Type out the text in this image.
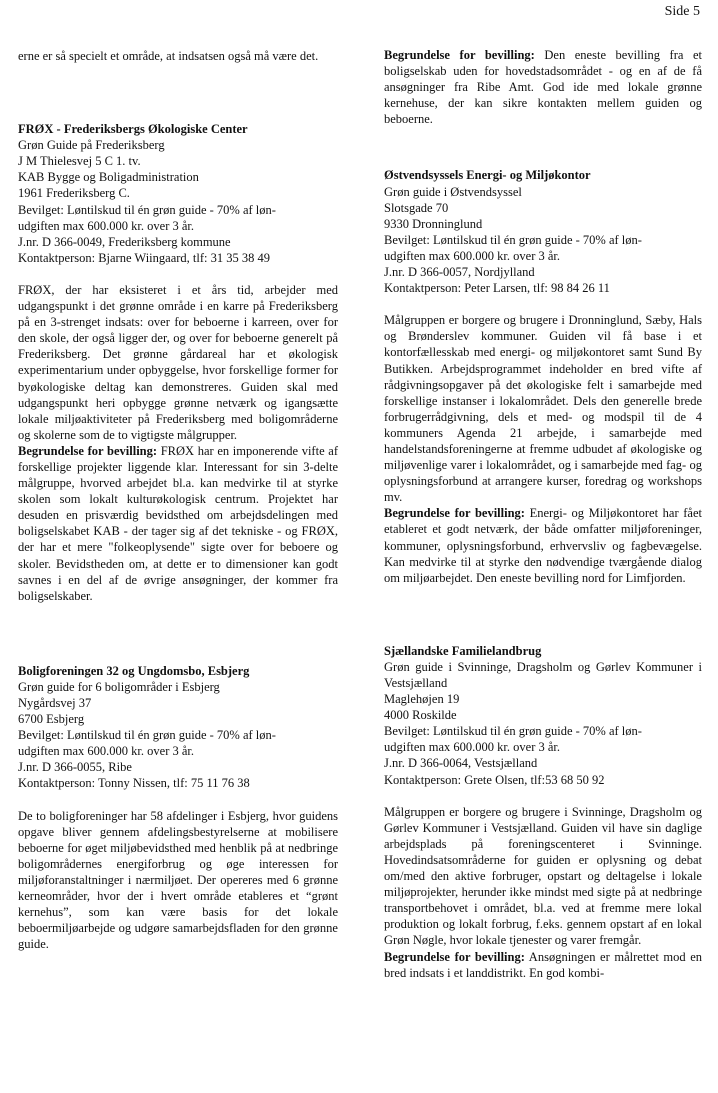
Side 5

erne er så specielt et område, at indsatsen også må være det.

FRØX - Frederiksbergs Økologiske Center
Grøn Guide på Frederiksberg
J M Thielesvej 5 C 1. tv.
KAB Bygge og Boligadministration
1961 Frederiksberg C.
Bevilget: Løntilskud til én grøn guide - 70% af løn-
udgiften max 600.000 kr. over 3 år.
J.nr. D 366-0049, Frederiksberg kommune
Kontaktperson: Bjarne Wiingaard, tlf: 31 35 38 49

FRØX, der har eksisteret i et års tid, arbejder med udgangspunkt i det grønne område i en karre på Frederiksberg på en 3-strenget indsats: over for beboerne i karreen, over for den skole, der også ligger der, og over for beboerne generelt på Frederiksberg. Det grønne gårdareal har et økologisk experimentarium under opbyggelse, hvor forskellige former for byøkologiske deltag kan demonstreres. Guiden skal med udgangspunkt heri opbygge grønne netværk og igangsætte lokale miljøaktiviteter på Frederiksberg med boligområderne og skolerne som de to vigtigste målgrupper.

Begrundelse for bevilling: FRØX har en imponerende vifte af forskellige projekter liggende klar. Interessant for sin 3-delte målgruppe, hvorved arbejdet bl.a. kan medvirke til at styrke skolen som lokalt kulturøkologisk centrum. Projektet har desuden en prisværdig bevidsthed om arbejdsdelingen med boligselskabet KAB - der tager sig af det tekniske - og FRØX, der har et mere "folkeoplysende" sigte over for beboere og skoler. Bevidstheden om, at dette er to dimensioner kan godt savnes i en del af de øvrige ansøgninger, der kommer fra boligselskaber.

Boligforeningen 32 og Ungdomsbo, Esbjerg
Grøn guide for 6 boligområder i Esbjerg
Nygårdsvej 37
6700 Esbjerg
Bevilget: Løntilskud til én grøn guide - 70% af løn-
udgiften max 600.000 kr. over 3 år.
J.nr. D 366-0055, Ribe
Kontaktperson: Tonny Nissen, tlf: 75 11 76 38

De to boligforeninger har 58 afdelinger i Esbjerg, hvor guidens opgave bliver gennem afdelingsbestyrelserne at mobilisere beboerne for øget miljøbevidsthed med henblik på at nedbringe boligområdernes energiforbrug og øge interessen for miljøforanstaltninger i nærmiljøet. Der opereres med 6 grønne kerneområder, hvor der i hvert område etableres et “grønt kernehus”, som kan være basis for det lokale beboermiljøarbejde og udgøre samarbejdsfladen for den grønne guide.

Begrundelse for bevilling: Den eneste bevilling fra et boligselskab uden for hovedstadsområdet - og en af de få ansøgninger fra Ribe Amt. God ide med lokale grønne kernehuse, der kan sikre kontakten mellem guiden og beboerne.

Østvendsyssels Energi- og Miljøkontor
Grøn guide i Østvendsyssel
Slotsgade 70
9330 Dronninglund
Bevilget: Løntilskud til én grøn guide - 70% af løn-
udgiften max 600.000 kr. over 3 år.
J.nr. D 366-0057, Nordjylland
Kontaktperson: Peter Larsen, tlf: 98 84 26 11

Målgruppen er borgere og brugere i Dronninglund, Sæby, Hals og Brønderslev kommuner. Guiden vil få base i et kontorfællesskab med energi- og miljøkontoret samt Sund By Butikken. Arbejdsprogrammet indeholder en bred vifte af rådgivningsopgaver på det økologiske felt i samarbejde med forskellige instanser i lokalområdet. Dels den generelle brede forbrugerrådgivning, dels et med- og modspil til de 4 kommuners Agenda 21 arbejde, i samarbejde med handelstandsforeningerne at fremme udbudet af økologiske og miljøvenlige varer i lokalområdet, og i samarbejde med fag- og oplysningsforbund at arrangere kurser, foredrag og workshops mv.

Begrundelse for bevilling: Energi- og Miljøkontoret har fået etableret et godt netværk, der både omfatter miljøforeninger, kommuner, oplysningsforbund, erhvervsliv og fagbevægelse. Kan medvirke til at styrke den nødvendige tværgående dialog om miljøarbejdet. Den eneste bevilling nord for Limfjorden.

Sjællandske Familielandbrug

Grøn guide i Svinninge, Dragsholm og Gørlev Kommuner i Vestsjælland

Maglehøjen 19
4000 Roskilde
Bevilget: Løntilskud til én grøn guide - 70% af løn-
udgiften max 600.000 kr. over 3 år.
J.nr. D 366-0064, Vestsjælland
Kontaktperson: Grete Olsen, tlf:53 68 50 92

Målgruppen er borgere og brugere i Svinninge, Dragsholm og Gørlev Kommuner i Vestsjælland. Guiden vil have sin daglige arbejdsplads på foreningscenteret i Svinninge. Hovedindsatsområderne for guiden er oplysning og debat om/med den aktive forbruger, opstart og deltagelse i lokale miljøprojekter, herunder ikke mindst med sigte på at nedbringe transportbehovet i området, bl.a. ved at fremme mere lokal produktion og lokalt forbrug, f.eks. gennem opstart af en lokal Grøn Nøgle, hvor lokale tjenester og varer fremgår.

Begrundelse for bevilling: Ansøgningen er målrettet mod en bred indsats i et landdistrikt. En god kombi-
